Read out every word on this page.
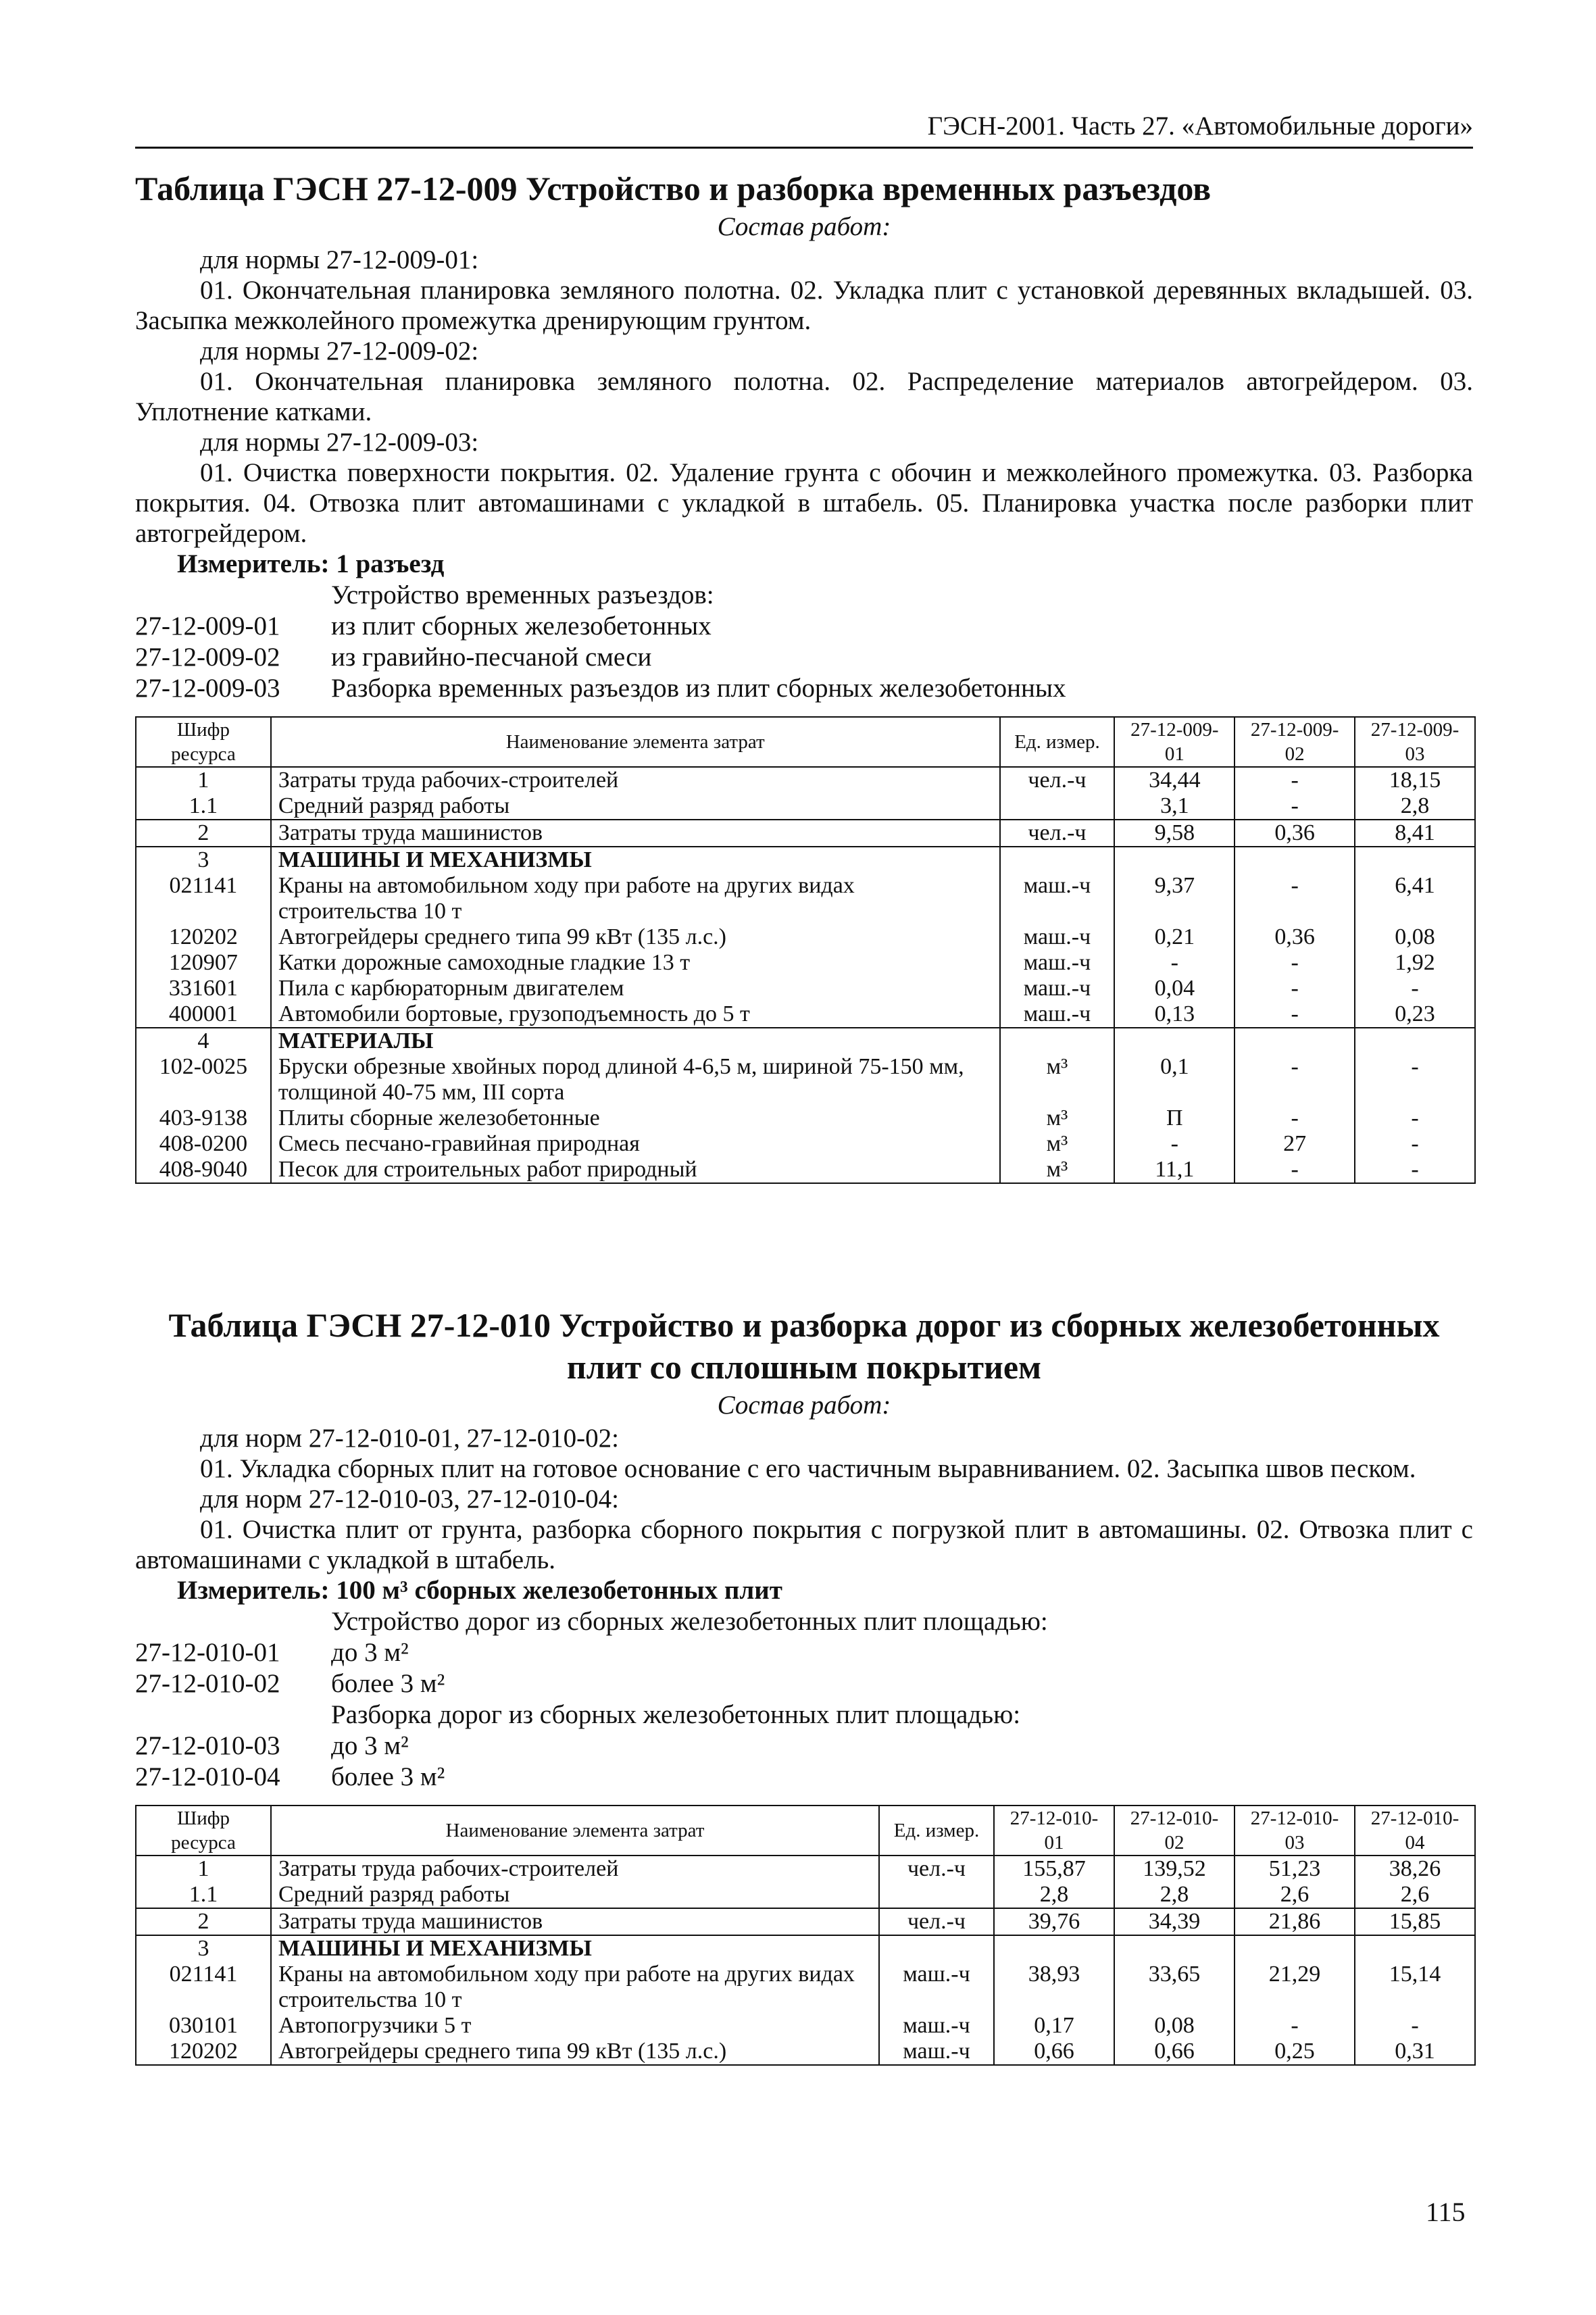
ГЭСН-2001. Часть 27. «Автомобильные дороги»
Таблица ГЭСН 27-12-009 Устройство и разборка временных разъездов
Состав работ:
для нормы 27-12-009-01:
01. Окончательная планировка земляного полотна. 02. Укладка плит с установкой деревянных вкладышей. 03. Засыпка межколейного промежутка дренирующим грунтом.
для нормы 27-12-009-02:
01. Окончательная планировка земляного полотна. 02. Распределение материалов автогрейдером. 03. Уплотнение катками.
для нормы 27-12-009-03:
01. Очистка поверхности покрытия. 02. Удаление грунта с обочин и межколейного промежутка. 03. Разборка покрытия. 04. Отвозка плит автомашинами с укладкой в штабель. 05. Планировка участка после разборки плит автогрейдером.
Измеритель: 1 разъезд
Устройство временных разъездов:
27-12-009-01	из плит сборных железобетонных
27-12-009-02	из гравийно-песчаной смеси
27-12-009-03	Разборка временных разъездов из плит сборных железобетонных
Шифр ресурса	Наименование элемента затрат	Ед. измер.	27-12-009-01	27-12-009-02	27-12-009-03
1	Затраты труда рабочих-строителей	чел.-ч	34,44	-	18,15
1.1	Средний разряд работы		3,1	-	2,8
2	Затраты труда машинистов	чел.-ч	9,58	0,36	8,41
3	МАШИНЫ И МЕХАНИЗМЫ				
021141	Краны на автомобильном ходу при работе на других видах строительства 10 т	маш.-ч	9,37	-	6,41
120202	Автогрейдеры среднего типа 99 кВт (135 л.с.)	маш.-ч	0,21	0,36	0,08
120907	Катки дорожные самоходные гладкие 13 т	маш.-ч	-	-	1,92
331601	Пила с карбюраторным двигателем	маш.-ч	0,04	-	-
400001	Автомобили бортовые, грузоподъемность до 5 т	маш.-ч	0,13	-	0,23
4	МАТЕРИАЛЫ				
102-0025	Бруски обрезные хвойных пород длиной 4-6,5 м, шириной 75-150 мм, толщиной 40-75 мм, III сорта	м³	0,1	-	-
403-9138	Плиты сборные железобетонные	м³	П	-	-
408-0200	Смесь песчано-гравийная природная	м³	-	27	-
408-9040	Песок для строительных работ природный	м³	11,1	-	-
Таблица ГЭСН 27-12-010 Устройство и разборка дорог из сборных железобетонных
плит со сплошным покрытием
Состав работ:
для норм 27-12-010-01, 27-12-010-02:
01. Укладка сборных плит на готовое основание с его частичным выравниванием. 02. Засыпка швов песком.
для норм 27-12-010-03, 27-12-010-04:
01. Очистка плит от грунта, разборка сборного покрытия с погрузкой плит в автомашины. 02. Отвозка плит с автомашинами с укладкой в штабель.
Измеритель: 100 м³ сборных железобетонных плит
Устройство дорог из сборных железобетонных плит площадью:
27-12-010-01	до 3 м²
27-12-010-02	более 3 м²
Разборка дорог из сборных железобетонных плит площадью:
27-12-010-03	до 3 м²
27-12-010-04	более 3 м²
Шифр ресурса	Наименование элемента затрат	Ед. измер.	27-12-010-01	27-12-010-02	27-12-010-03	27-12-010-04
1	Затраты труда рабочих-строителей	чел.-ч	155,87	139,52	51,23	38,26
1.1	Средний разряд работы		2,8	2,8	2,6	2,6
2	Затраты труда машинистов	чел.-ч	39,76	34,39	21,86	15,85
3	МАШИНЫ И МЕХАНИЗМЫ					
021141	Краны на автомобильном ходу при работе на других видах строительства 10 т	маш.-ч	38,93	33,65	21,29	15,14
030101	Автопогрузчики 5 т	маш.-ч	0,17	0,08	-	-
120202	Автогрейдеры среднего типа 99 кВт (135 л.с.)	маш.-ч	0,66	0,66	0,25	0,31
115
